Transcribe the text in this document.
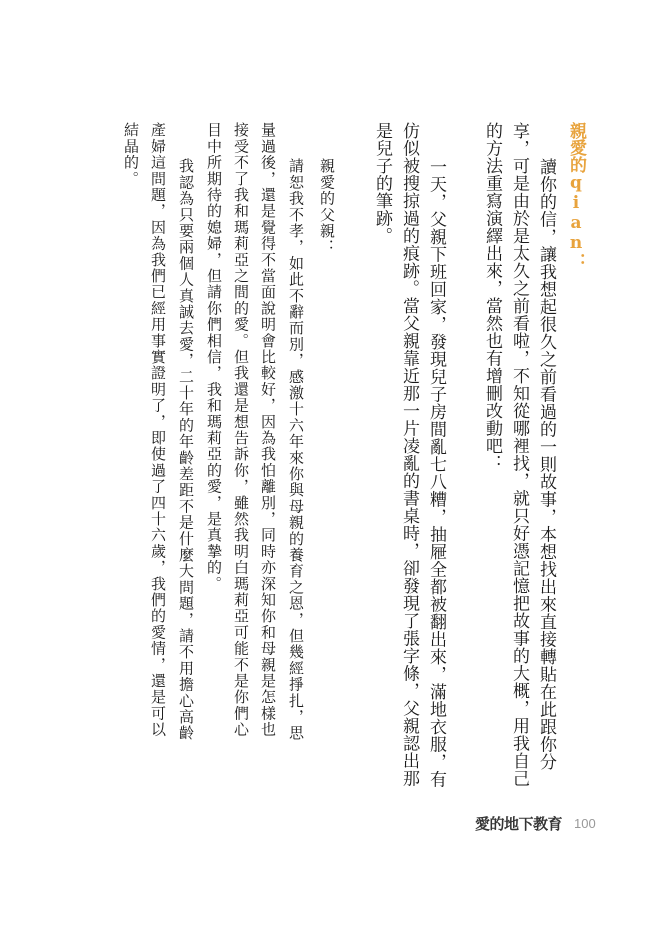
親愛的qian：
讀你的信，讓我想起很久之前看過的一則故事，本想找出來直接轉貼在此跟你分
享，可是由於是太久之前看啦，不知從哪裡找，就只好憑記憶把故事的大概，用我自己
的方法重寫演繹出來，當然也有增刪改動吧：
一天，父親下班回家，發現兒子房間亂七八糟，抽屜全都被翻出來，滿地衣服，有
仿似被搜掠過的痕跡。當父親靠近那一片凌亂的書桌時，卻發現了張字條，父親認出那
是兒子的筆跡。
親愛的父親：
請恕我不孝，如此不辭而別，感激十六年來你與母親的養育之恩，但幾經掙扎，思
量過後，還是覺得不當面說明會比較好，因為我怕離別，同時亦深知你和母親是怎樣也
接受不了我和瑪莉亞之間的愛。但我還是想告訴你，雖然我明白瑪莉亞可能不是你們心
目中所期待的媳婦，但請你們相信，我和瑪莉亞的愛，是真摯的。
我認為只要兩個人真誠去愛，二十年的年齡差距不是什麼大問題，請不用擔心高齡
產婦這問題，因為我們已經用事實證明了，即使過了四十六歲，我們的愛情，還是可以
結晶的。
愛的地下教育 100
